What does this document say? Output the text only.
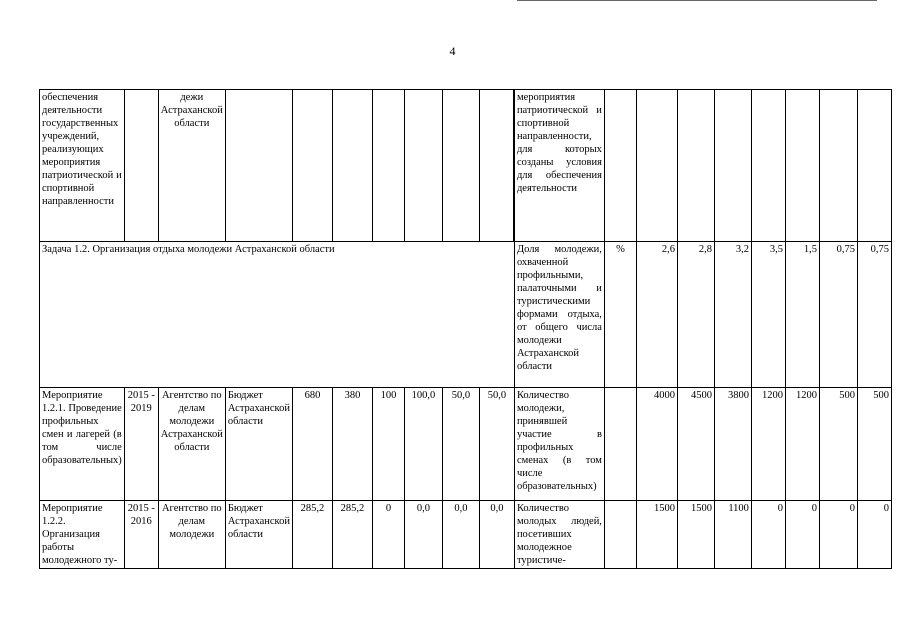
4
обеспечения деятельности государственных учреждений, реализующих мероприятия патриотической и спортивной направленности		дежи Астраханской области									мероприятия патриотической и спортивной направленности, для которых созданы условия для обеспечения деятельности								
Задача 1.2. Организация отдыха молодежи Астраханской области										Доля молодежи, охваченной профильными, палаточными и туристическими формами отдыха, от общего числа молодежи Астраханской области	%	2,6	2,8	3,2	3,5	1,5	0,75	0,75
Мероприятие 1.2.1. Проведение профильных смен и лагерей (в том числе образовательных)	2015 - 2019	Агентство по делам молодежи Астраханской области	Бюджет Астраханской области	680	380	100	100,0	50,0	50,0	Количество молодежи, принявшей участие в профильных сменах (в том числе образовательных)		4000	4500	3800	1200	1200	500	500
Мероприятие 1.2.2. Организация работы молодежного ту-	2015 - 2016	Агентство по делам молодежи	Бюджет Астраханской области	285,2	285,2	0	0,0	0,0	0,0	Количество молодых людей, посетивших молодежное туристиче-		1500	1500	1100	0	0	0	0
